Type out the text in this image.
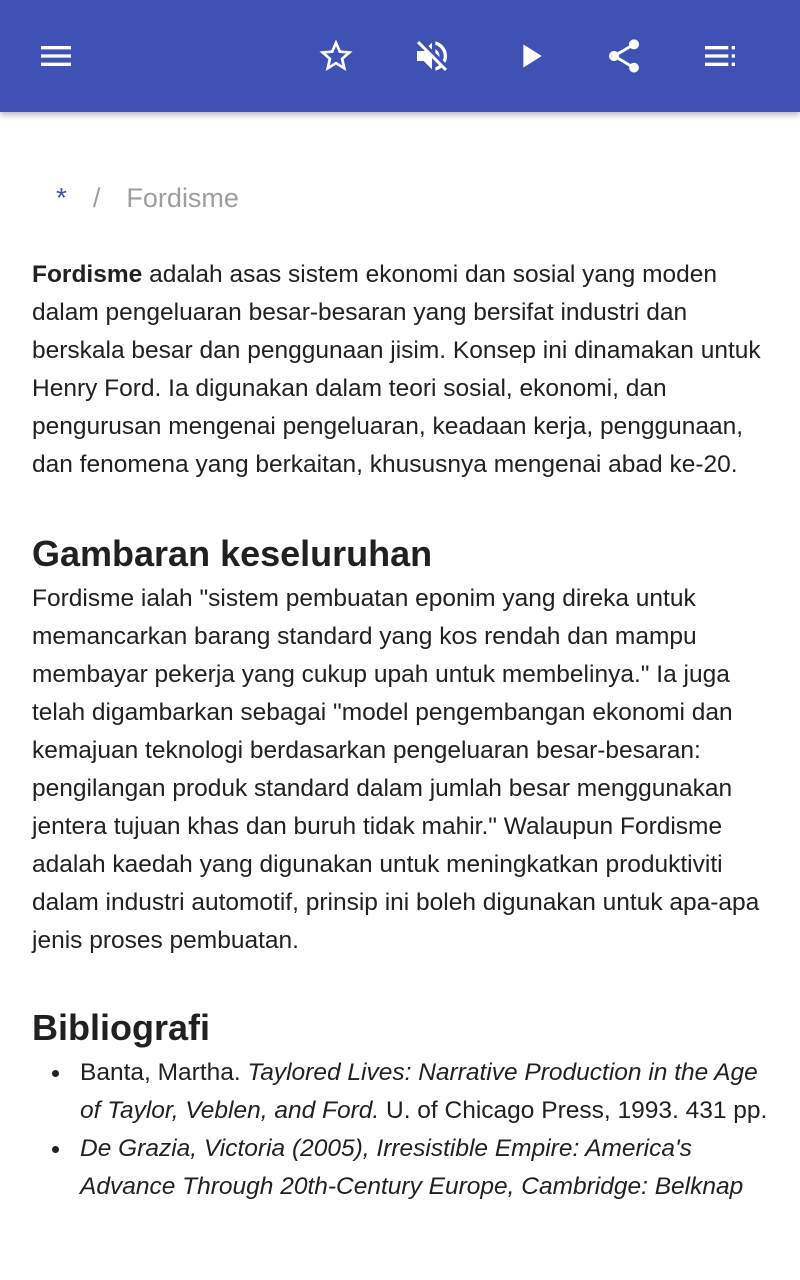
* / Fordisme

Fordisme adalah asas sistem ekonomi dan sosial yang moden dalam pengeluaran besar-besaran yang bersifat industri dan berskala besar dan penggunaan jisim. Konsep ini dinamakan untuk Henry Ford. Ia digunakan dalam teori sosial, ekonomi, dan pengurusan mengenai pengeluaran, keadaan kerja, penggunaan, dan fenomena yang berkaitan, khususnya mengenai abad ke-20.

Gambaran keseluruhan

Fordisme ialah "sistem pembuatan eponim yang direka untuk memancarkan barang standard yang kos rendah dan mampu membayar pekerja yang cukup upah untuk membelinya." Ia juga telah digambarkan sebagai "model pengembangan ekonomi dan kemajuan teknologi berdasarkan pengeluaran besar-besaran: pengilangan produk standard dalam jumlah besar menggunakan jentera tujuan khas dan buruh tidak mahir." Walaupun Fordisme adalah kaedah yang digunakan untuk meningkatkan produktiviti dalam industri automotif, prinsip ini boleh digunakan untuk apa-apa jenis proses pembuatan.

Bibliografi
Banta, Martha. Taylored Lives: Narrative Production in the Age of Taylor, Veblen, and Ford. U. of Chicago Press, 1993. 431 pp.
De Grazia, Victoria (2005), Irresistible Empire: America's Advance Through 20th-Century Europe, Cambridge: Belknap
